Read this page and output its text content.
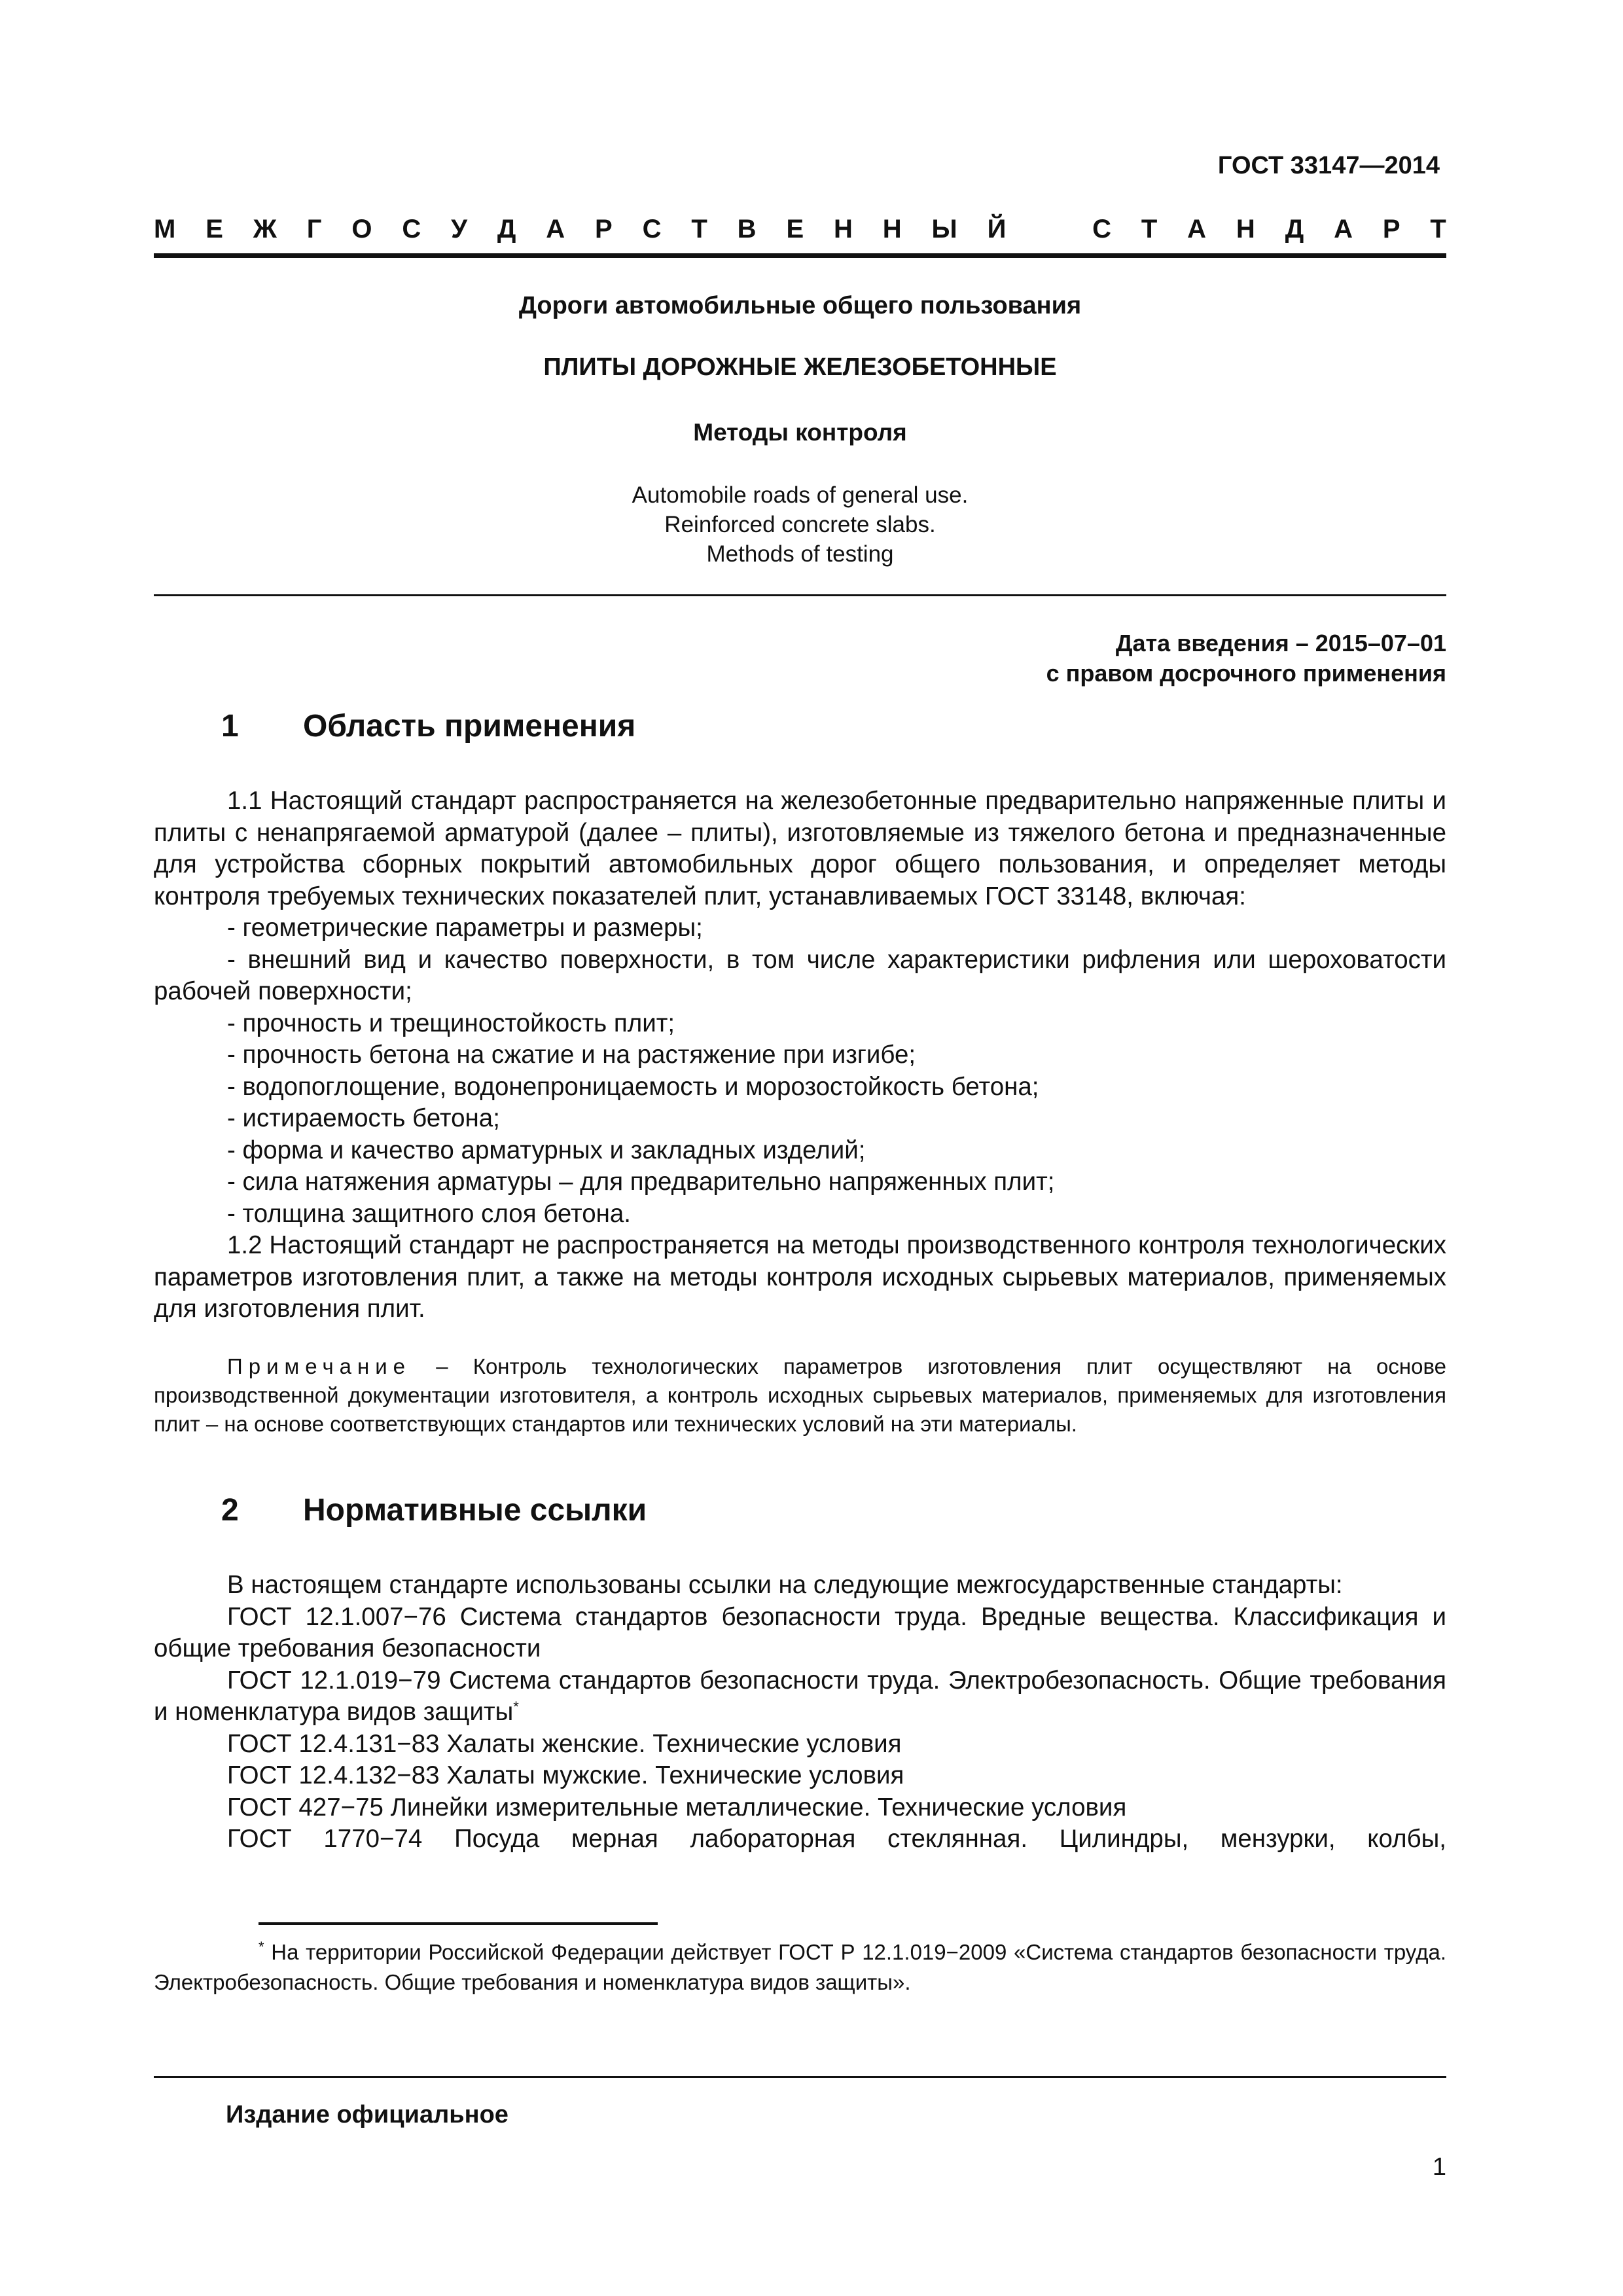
ГОСТ 33147—2014
М Е Ж Г О С У Д А Р С Т В Е Н Н Ы Й	С Т А Н Д А Р Т
Дороги автомобильные общего пользования
ПЛИТЫ ДОРОЖНЫЕ ЖЕЛЕЗОБЕТОННЫЕ
Методы контроля
Automobile roads of general use.
Reinforced concrete slabs.
Methods of testing
Дата введения – 2015–07–01
с правом досрочного применения
1 Область применения

1.1 Настоящий стандарт распространяется на железобетонные предварительно напряженные плиты и плиты с ненапрягаемой арматурой (далее – плиты), изготовляемые из тяжелого бетона и предназначенные для устройства сборных покрытий автомобильных дорог общего пользования, и определяет методы контроля требуемых технических показателей плит, устанавливаемых ГОСТ 33148, включая:

- геометрические параметры и размеры;

- внешний вид и качество поверхности, в том числе характеристики рифления или шероховатости рабочей поверхности;

- прочность и трещиностойкость плит;

- прочность бетона на сжатие и на растяжение при изгибе;

- водопоглощение, водонепроницаемость и морозостойкость бетона;

- истираемость бетона;

- форма и качество арматурных и закладных изделий;

- сила натяжения арматуры – для предварительно напряженных плит;

- толщина защитного слоя бетона.

1.2 Настоящий стандарт не распространяется на методы производственного контроля технологических параметров изготовления плит, а также на методы контроля исходных сырьевых материалов, применяемых для изготовления плит.

Примечание – Контроль технологических параметров изготовления плит осуществляют на основе производственной документации изготовителя, а контроль исходных сырьевых материалов, применяемых для изготовления плит – на основе соответствующих стандартов или технических условий на эти материалы.

2 Нормативные ссылки

В настоящем стандарте использованы ссылки на следующие межгосударственные стандарты:

ГОСТ 12.1.007−76 Система стандартов безопасности труда. Вредные вещества. Классификация и общие требования безопасности

ГОСТ 12.1.019−79 Система стандартов безопасности труда. Электробезопасность. Общие требования и номенклатура видов защиты*

ГОСТ 12.4.131−83 Халаты женские. Технические условия

ГОСТ 12.4.132−83 Халаты мужские. Технические условия

ГОСТ 427−75 Линейки измерительные металлические. Технические условия

ГОСТ 1770−74 Посуда мерная лабораторная стеклянная. Цилиндры, мензурки, колбы,

* На территории Российской Федерации действует ГОСТ Р 12.1.019−2009 «Система стандартов безопасности труда. Электробезопасность. Общие требования и номенклатура видов защиты».

Издание официальное
1
